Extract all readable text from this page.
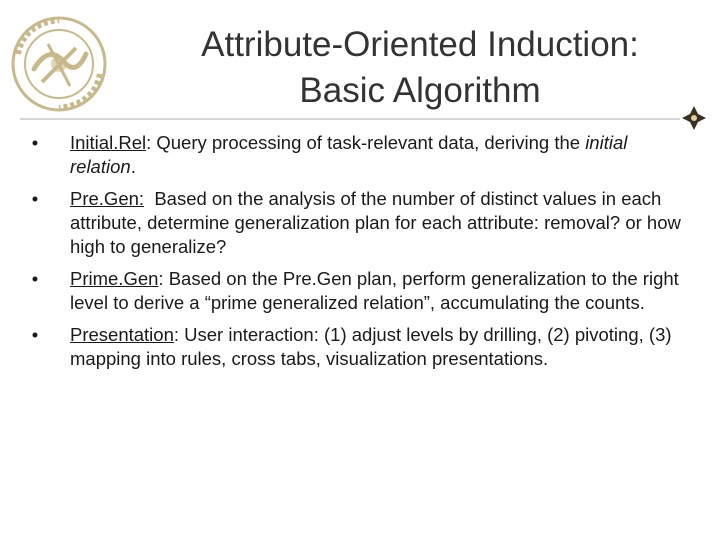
Attribute-Oriented Induction:
Basic Algorithm
• Initial.Rel: Query processing of task-relevant data, deriving the initial relation.
• Pre.Gen:  Based on the analysis of the number of distinct values in each attribute, determine generalization plan for each attribute: removal? or how high to generalize?
• Prime.Gen: Based on the Pre.Gen plan, perform generalization to the right level to derive a “prime generalized relation”, accumulating the counts.
• Presentation: User interaction: (1) adjust levels by drilling, (2) pivoting, (3) mapping into rules, cross tabs, visualization presentations.
